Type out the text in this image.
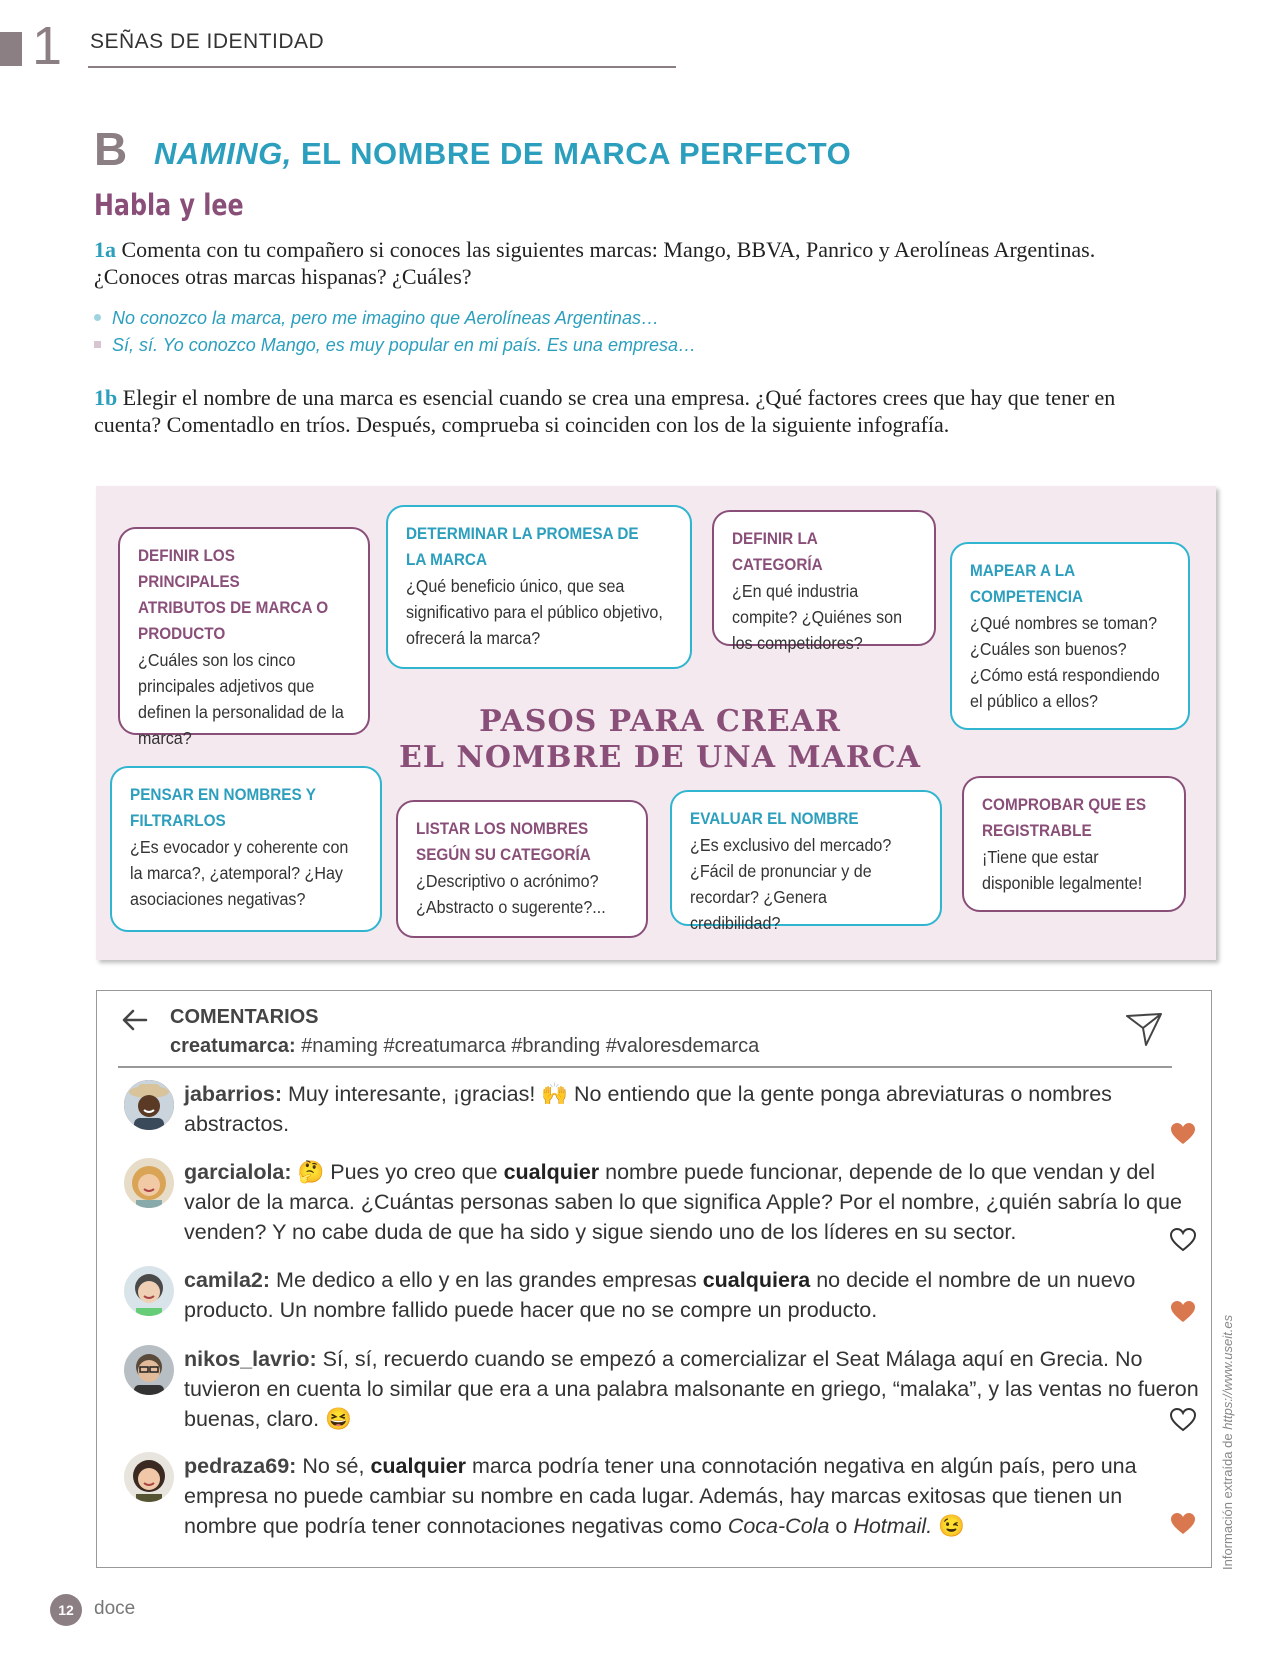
1 SEÑAS DE IDENTIDAD
B NAMING, EL NOMBRE DE MARCA PERFECTO
Habla y lee
1a Comenta con tu compañero si conoces las siguientes marcas: Mango, BBVA, Panrico y Aerolíneas Argentinas. ¿Conoces otras marcas hispanas? ¿Cuáles?
No conozco la marca, pero me imagino que Aerolíneas Argentinas…
Sí, sí. Yo conozco Mango, es muy popular en mi país. Es una empresa…
1b Elegir el nombre de una marca es esencial cuando se crea una empresa. ¿Qué factores crees que hay que tener en cuenta? Comentadlo en tríos. Después, comprueba si coinciden con los de la siguiente infografía.
DEFINIR LOS PRINCIPALES ATRIBUTOS DE MARCA O PRODUCTO
¿Cuáles son los cinco principales adjetivos que definen la personalidad de la marca?
DETERMINAR LA PROMESA DE LA MARCA
¿Qué beneficio único, que sea significativo para el público objetivo, ofrecerá la marca?
DEFINIR LA CATEGORÍA
¿En qué industria compite? ¿Quiénes son los competidores?
MAPEAR A LA COMPETENCIA
¿Qué nombres se toman? ¿Cuáles son buenos? ¿Cómo está respondiendo el público a ellos?
PASOS PARA CREAR
EL NOMBRE DE UNA MARCA
PENSAR EN NOMBRES Y FILTRARLOS
¿Es evocador y coherente con la marca?, ¿atemporal? ¿Hay asociaciones negativas?
LISTAR LOS NOMBRES SEGÚN SU CATEGORÍA
¿Descriptivo o acrónimo? ¿Abstracto o sugerente?...
EVALUAR EL NOMBRE
¿Es exclusivo del mercado? ¿Fácil de pronunciar y de recordar? ¿Genera credibilidad?
COMPROBAR QUE ES REGISTRABLE
¡Tiene que estar disponible legalmente!
COMENTARIOS
creatumarca: #naming #creatumarca #branding #valoresdemarca
jabarrios: Muy interesante, ¡gracias! 🙌 No entiendo que la gente ponga abreviaturas o nombres abstractos.
garcialola: 🤔 Pues yo creo que cualquier nombre puede funcionar, depende de lo que vendan y del valor de la marca. ¿Cuántas personas saben lo que significa Apple? Por el nombre, ¿quién sabría lo que venden? Y no cabe duda de que ha sido y sigue siendo uno de los líderes en su sector.
camila2: Me dedico a ello y en las grandes empresas cualquiera no decide el nombre de un nuevo producto. Un nombre fallido puede hacer que no se compre un producto.
nikos_lavrio: Sí, sí, recuerdo cuando se empezó a comercializar el Seat Málaga aquí en Grecia. No tuvieron en cuenta lo similar que era a una palabra malsonante en griego, “malaka”, y las ventas no fueron buenas, claro. 😆
pedraza69: No sé, cualquier marca podría tener una connotación negativa en algún país, pero una empresa no puede cambiar su nombre en cada lugar. Además, hay marcas exitosas que tienen un nombre que podría tener connotaciones negativas como Coca-Cola o Hotmail. 😉	Información extraída de https://www.useit.es
12	doce
